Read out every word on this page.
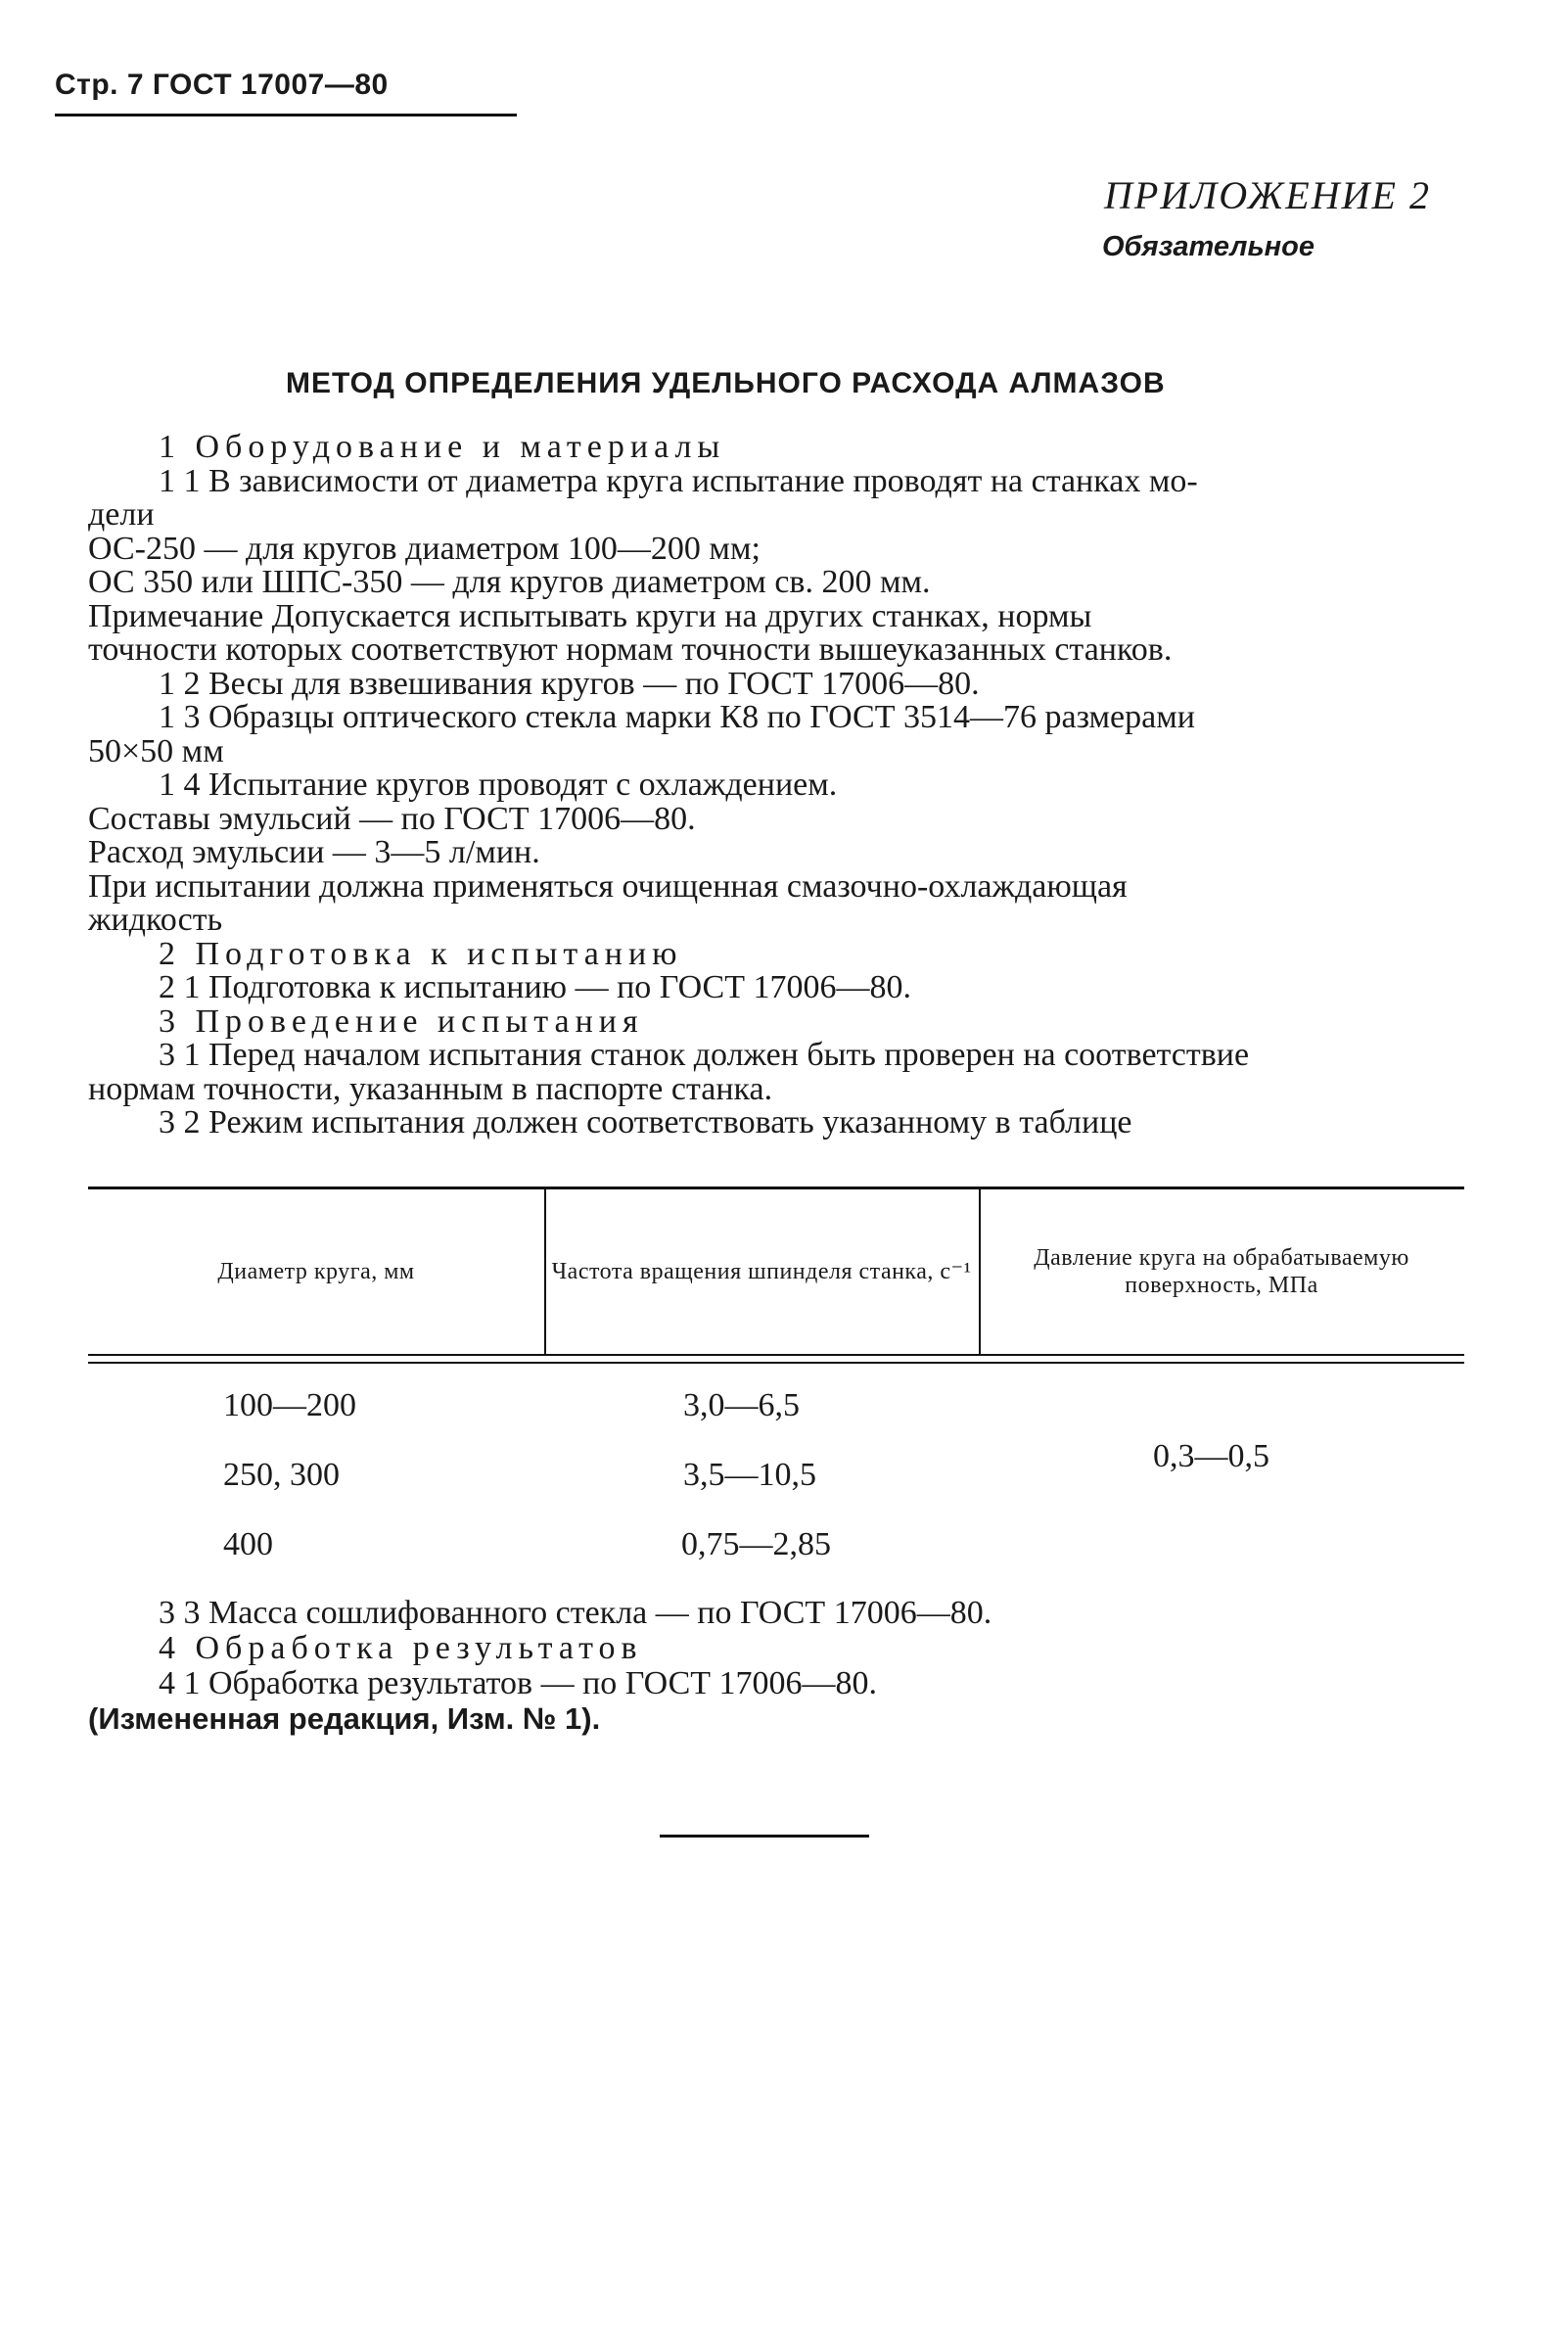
Стр. 7 ГОСТ 17007—80
ПРИЛОЖЕНИЕ 2
Обязательное
МЕТОД ОПРЕДЕЛЕНИЯ УДЕЛЬНОГО РАСХОДА АЛМАЗОВ
1 Оборудование и материалы
1 1 В зависимости от диаметра круга испытание проводят на станках мо-
дели
ОС-250 — для кругов диаметром 100—200 мм;
ОС 350 или ШПС-350 — для кругов диаметром св. 200 мм.
Примечание Допускается испытывать круги на других станках, нормы
точности которых соответствуют нормам точности вышеуказанных станков.
1 2 Весы для взвешивания кругов — по ГОСТ 17006—80.
1 3 Образцы оптического стекла марки К8 по ГОСТ 3514—76 размерами
50×50 мм
1 4 Испытание кругов проводят с охлаждением.
Составы эмульсий — по ГОСТ 17006—80.
Расход эмульсии — 3—5 л/мин.
При испытании должна применяться очищенная смазочно-охлаждающая
жидкость
2 Подготовка к испытанию
2 1 Подготовка к испытанию — по ГОСТ 17006—80.
3 Проведение испытания
3 1 Перед началом испытания станок должен быть проверен на соответствие
нормам точности, указанным в паспорте станка.
3 2 Режим испытания должен соответствовать указанному в таблице
Диаметр круга, мм	Частота вращения шпинделя станка, с⁻¹
Давление круга на обрабатываемую поверхность, МПа
100—200	3,0—6,5
250, 300	3,5—10,5
400	0,75—2,85
0,3—0,5
3 3 Масса сошлифованного стекла — по ГОСТ 17006—80.
4 Обработка результатов
4 1 Обработка результатов — по ГОСТ 17006—80.
(Измененная редакция, Изм. № 1).
